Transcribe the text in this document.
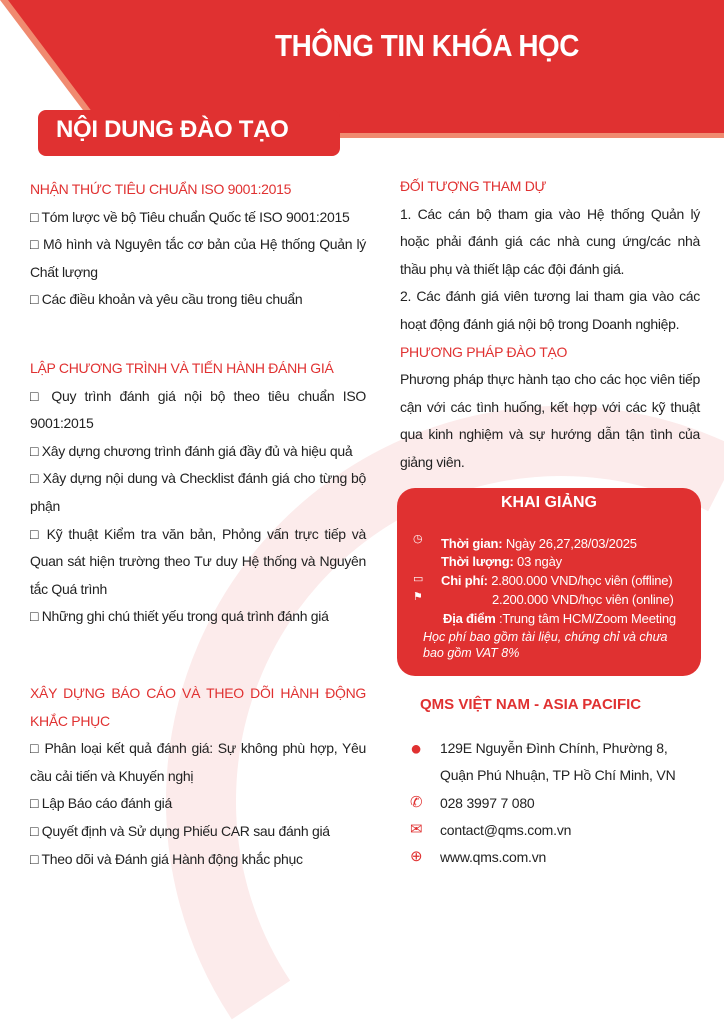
THÔNG TIN KHÓA HỌC
NỘI DUNG ĐÀO TẠO
NHẬN THỨC TIÊU CHUẨN ISO 9001:2015
□ Tóm lược về bộ Tiêu chuẩn Quốc tế ISO 9001:2015
□ Mô hình và Nguyên tắc cơ bản của Hệ thống Quản lý Chất lượng
□ Các điều khoản và yêu cầu trong tiêu chuẩn
LẬP CHƯƠNG TRÌNH VÀ TIẾN HÀNH ĐÁNH GIÁ
□ Quy trình đánh giá nội bộ theo tiêu chuẩn ISO 9001:2015
□ Xây dựng chương trình đánh giá đầy đủ và hiệu quả
□ Xây dựng nội dung và Checklist đánh giá cho từng bộ phận
□ Kỹ thuật Kiểm tra văn bản, Phỏng vấn trực tiếp và Quan sát hiện trường theo Tư duy Hệ thống và Nguyên tắc Quá trình
□ Những ghi chú thiết yếu trong quá trình đánh giá
XÂY DỰNG BÁO CÁO VÀ THEO DÕI HÀNH ĐỘNG KHẮC PHỤC
□ Phân loại kết quả đánh giá: Sự không phù hợp, Yêu cầu cải tiến và Khuyến nghị
□ Lập Báo cáo đánh giá
□ Quyết định và Sử dụng Phiếu CAR sau đánh giá
□ Theo dõi và Đánh giá Hành động khắc phục
ĐỐI TƯỢNG THAM DỰ
1. Các cán bộ tham gia vào Hệ thống Quản lý hoặc phải đánh giá các nhà cung ứng/các nhà thầu phụ và thiết lập các đội đánh giá.
2. Các đánh giá viên tương lai tham gia vào các hoạt động đánh giá nội bộ trong Doanh nghiệp.
PHƯƠNG PHÁP ĐÀO TẠO
Phương pháp thực hành tạo cho các học viên tiếp cận với các tình huống, kết hợp với các kỹ thuật qua kinh nghiệm và sự hướng dẫn tận tình của giảng viên.
KHAI GIẢNG
◷ Thời gian: Ngày 26,27,28/03/2025
Thời lượng: 03 ngày
▭ Chi phí: 2.800.000 VND/học viên (offline)
⚑	2.200.000 VND/học viên (online)
Địa điểm :Trung tâm HCM/Zoom Meeting
Học phí bao gồm tài liệu, chứng chỉ và chưa bao gồm VAT 8%
QMS VIỆT NAM - ASIA PACIFIC
● 129E Nguyễn Đình Chính, Phường 8,
Quận Phú Nhuận, TP Hồ Chí Minh, VN
✆ 028 3997 7 080
✉ contact@qms.com.vn
⊕ www.qms.com.vn
